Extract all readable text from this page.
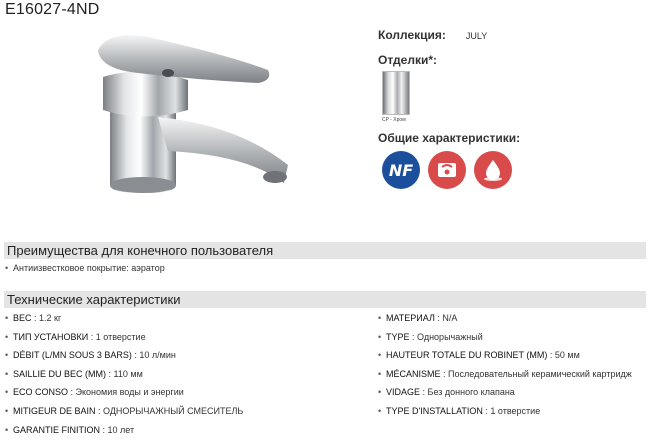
E16027-4ND
Коллекция: JULY
Отделки*:
CP - Хром
Общие характеристики:
NF
Преимущества для конечного пользователя
• Антиизвестковое покрытие: аэратор
Технические характеристики
• ВЕС : 1.2 кг
• ТИП УСТАНОВКИ : 1 отверстие
• DÉBIT (L/MN SOUS 3 BARS) : 10 л/мин
• SAILLIE DU BEC (MM) : 110 мм
• ECO CONSO : Экономия воды и энергии
• MITIGEUR DE BAIN : ОДНОРЫЧАЖНЫЙ СМЕСИТЕЛЬ
• GARANTIE FINITION : 10 лет
• МАТЕРИАЛ : N/A
• TYPE : Однорычажный
• HAUTEUR TOTALE DU ROBINET (MM) : 50 мм
• MÉCANISME : Последовательный керамический картридж
• VIDAGE : Без донного клапана
• TYPE D'INSTALLATION : 1 отверстие
